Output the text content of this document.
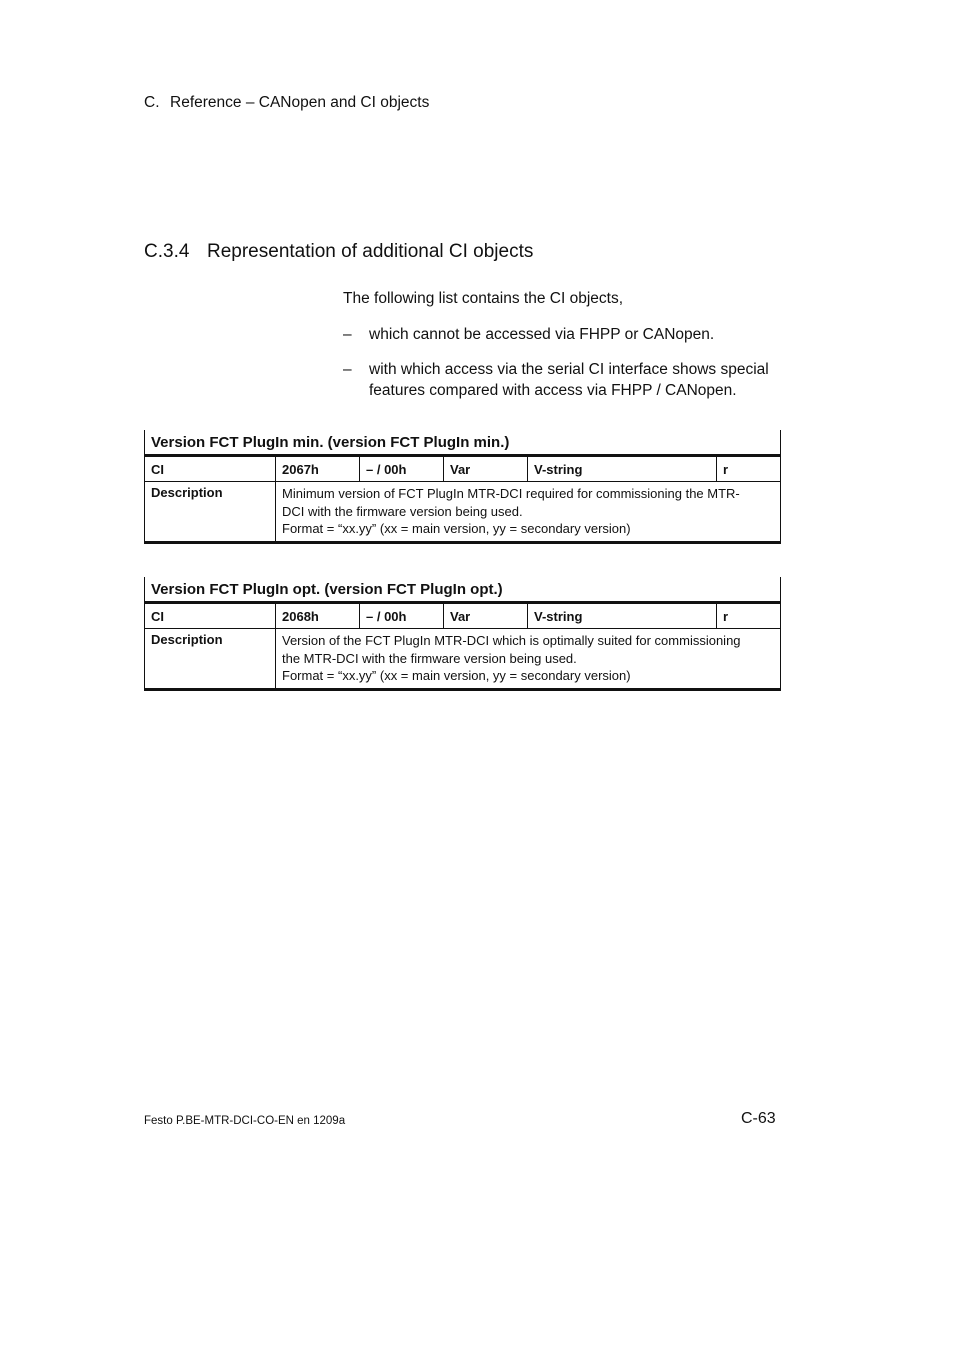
C. Reference – CANopen and CI objects
C.3.4 Representation of additional CI objects

The following list contains the CI objects,

– which cannot be accessed via FHPP or CANopen.
– with which access via the serial CI interface shows special features compared with access via FHPP / CANopen.
Version FCT PlugIn min. (version FCT PlugIn min.)					
CI	2067h	– / 00h	Var	V-string	r
Description	Minimum version of FCT PlugIn MTR-DCI required for commissioning the MTR-
DCI with the firmware version being used.
Format = “xx.yy” (xx = main version, yy = secondary version)				
Version FCT PlugIn opt. (version FCT PlugIn opt.)					
CI	2068h	– / 00h	Var	V-string	r
Description	Version of the FCT PlugIn MTR-DCI which is optimally suited for commissioning
the MTR-DCI with the firmware version being used.
Format = “xx.yy” (xx = main version, yy = secondary version)				
Festo P.BE-MTR-DCI-CO-EN en 1209a	C-63
